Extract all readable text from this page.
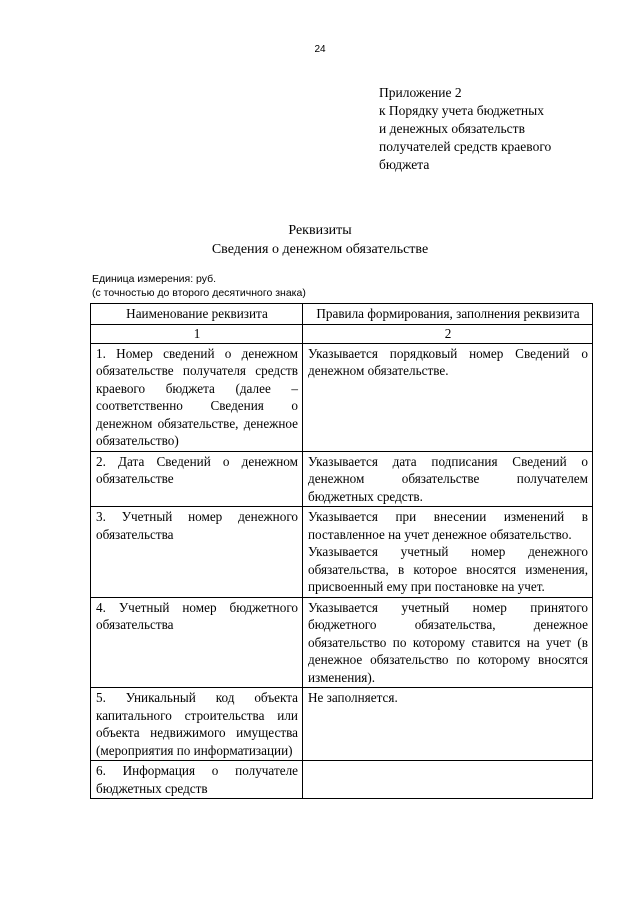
24
Приложение 2
к Порядку учета бюджетных
и денежных обязательств
получателей средств краевого
бюджета
Реквизиты
Сведения о денежном обязательстве
Единица измерения: руб.
(с точностью до второго десятичного знака)
Наименование реквизита	Правила формирования, заполнения реквизита
1	2
1. Номер сведений о денежном обязательстве получателя средств краевого бюджета (далее – соответственно Сведения о денежном обязательстве, денежное обязательство)	Указывается порядковый номер Сведений о денежном обязательстве.

2. Дата Сведений о денежном обязательстве	Указывается дата подписания Сведений о денежном обязательстве получателем бюджетных средств.

3. Учетный номер денежного обязательства	Указывается при внесении изменений в поставленное на учет денежное обязательство.
Указывается учетный номер денежного обязательства, в которое вносятся изменения, присвоенный ему при постановке на учет.

4. Учетный номер бюджетного обязательства	Указывается учетный номер принятого бюджетного обязательства, денежное обязательство по которому ставится на учет (в денежное обязательство по которому вносятся изменения).

5. Уникальный код объекта капитального строительства или объекта недвижимого имущества (мероприятия по информатизации)	Не заполняется.

6. Информация о получателе бюджетных средств	
